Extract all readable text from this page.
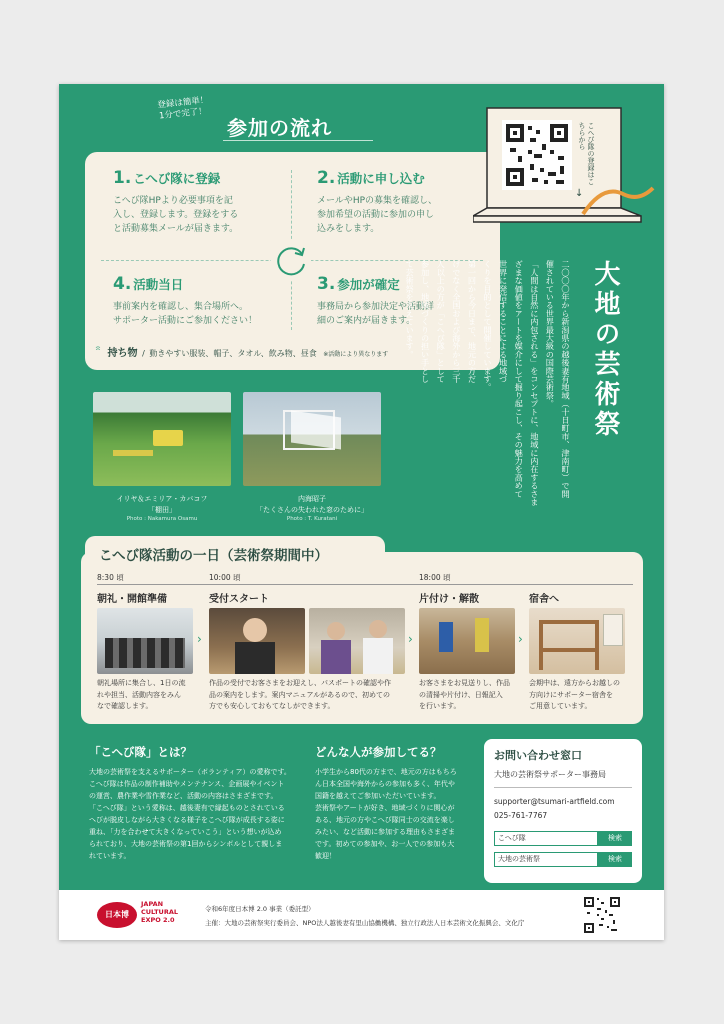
登録は簡単！
1分で完了！
参加の流れ
1. こへび隊に登録
こへび隊HPより必要事項を記
入し、登録します。登録をする
と活動募集メールが届きます。
2. 活動に申し込む
メールやHPの募集を確認し、
参加希望の活動に参加の申し
込みをします。
4. 活動当日
事前案内を確認し、集合場所へ。
サポーター活動にご参加ください！
3. 参加が確定
事務局から参加決定や活動詳
細のご案内が届きます。
持ち物 / 動きやすい服装、帽子、タオル、飲み物、昼食 ※活動により異なります
こへび隊の登録はこちらから
↓
大地の芸術祭
二〇〇〇年から新潟県の越後妻有地域（十日町市、津南町）で開
催されている世界最大級の国際芸術祭。
「人間は自然に内包される」をコンセプトに、地域に内在するさま
ざまな価値をアートを媒介にして掘り起こし、その魅力を高めて
世界に発信することによる地域づ
くりを目的として開催しています。
第一回から今日まで、地元の方だ
けでなく全国および海外から三千
人以上の方が「こへび隊」として
参加し、地域づくりの担い手とし
て芸術祭を支えています。
イリヤ＆エミリア・カバコフ
「棚田」
Photo : Nakamura Osamu
内海昭子
「たくさんの失われた窓のために」
Photo : T. Kuratani
こへび隊活動の一日（芸術祭期間中）
8:30 頃	10:00 頃	18:00 頃
朝礼・開館準備
朝礼場所に集合し、1日の流
れや担当、活動内容をみん
なで確認します。
›
受付スタート
作品の受付でお客さまをお迎えし、パスポートの確認や作
品の案内をします。案内マニュアルがあるので、初めての
方でも安心しておもてなしができます。
›
片付け・解散
お客さまをお見送りし、作品
の清掃や片付け、日報記入
を行います。
›
宿舎へ
会期中は、遠方からお越しの
方向けにサポーター宿舎を
ご用意しています。
「こへび隊」とは？
大地の芸術祭を支えるサポーター（ボランティア）の愛称です。
こへび隊は作品の制作補助やメンテナンス、企画展やイベント
の運営、農作業や雪作業など、活動の内容はさまざまです。
「こへび隊」という愛称は、越後妻有で縁起ものとされている
へびが脱皮しながら大きくなる様子をこへび隊が成長する姿に
重ね、「力を合わせて大きくなっていこう」という想いが込め
られており、大地の芸術祭の第1回からシンボルとして親しま
れています。
どんな人が参加してる？
小学生から80代の方まで、地元の方はもちろ
ん日本全国や海外からの参加も多く、年代や
国籍を越えてご参加いただいています。
芸術祭やアートが好き、地域づくりに関心が
ある、地元の方やこへび隊同士の交流を楽し
みたい、など活動に参加する理由もさまざま
です。初めての参加や、お一人での参加も大
歓迎！
お問い合わせ窓口
大地の芸術祭サポーター事務局
supporter@tsumari-artfield.com
025-761-7767
こへび隊	検索
大地の芸術祭	検索
日本博
JAPAN
CULTURAL
EXPO 2.0
令和6年度日本博 2.0 事業（委託型）
主催：大地の芸術祭実行委員会、NPO法人越後妻有里山協働機構、独立行政法人日本芸術文化振興会、文化庁
